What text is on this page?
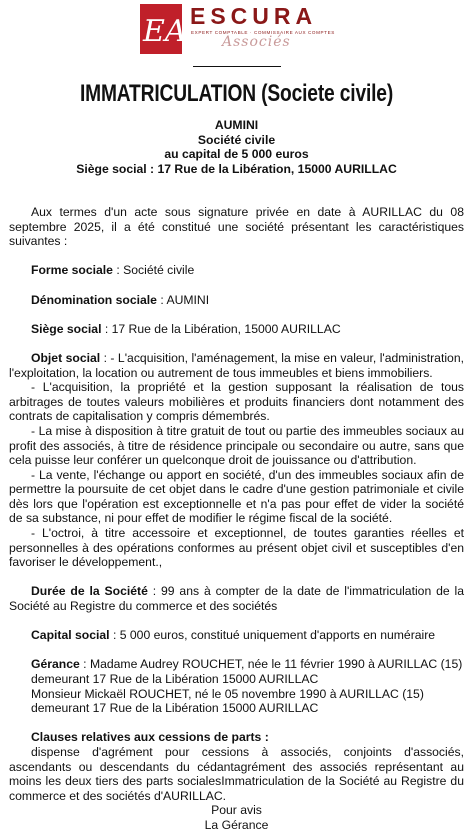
EA ESCURA
EXPERT COMPTABLE · COMMISSAIRE AUX COMPTES
Associés
IMMATRICULATION (Societe civile)
AUMINI
Société civile
au capital de 5 000 euros
Siège social : 17 Rue de la Libération, 15000 AURILLAC

Aux termes d'un acte sous signature privée en date à AURILLAC du 08 septembre 2025, il a été constitué une société présentant les caractéristiques suivantes :

Forme sociale : Société civile

Dénomination sociale : AUMINI

Siège social : 17 Rue de la Libération, 15000 AURILLAC

Objet social : - L'acquisition, l'aménagement, la mise en valeur, l'administration, l'exploitation, la location ou autrement de tous immeubles et biens immobiliers.

- L'acquisition, la propriété et la gestion supposant la réalisation de tous arbitrages de toutes valeurs mobilières et produits financiers dont notamment des contrats de capitalisation y compris démembrés.

- La mise à disposition à titre gratuit de tout ou partie des immeubles sociaux au profit des associés, à titre de résidence principale ou secondaire ou autre, sans que cela puisse leur conférer un quelconque droit de jouissance ou d'attribution.

- La vente, l'échange ou apport en société, d'un des immeubles sociaux afin de permettre la poursuite de cet objet dans le cadre d'une gestion patrimoniale et civile dès lors que l'opération est exceptionnelle et n'a pas pour effet de vider la société de sa substance, ni pour effet de modifier le régime fiscal de la société.

- L'octroi, à titre accessoire et exceptionnel, de toutes garanties réelles et personnelles à des opérations conformes au présent objet civil et susceptibles d'en favoriser le développement.,

Durée de la Société : 99 ans à compter de la date de l'immatriculation de la Société au Registre du commerce et des sociétés

Capital social : 5 000 euros, constitué uniquement d'apports en numéraire

Gérance : Madame Audrey ROUCHET, née le 11 février 1990 à AURILLAC (15)

demeurant 17 Rue de la Libération 15000 AURILLAC

Monsieur Mickaël ROUCHET, né le 05 novembre 1990 à AURILLAC (15)

demeurant 17 Rue de la Libération 15000 AURILLAC

Clauses relatives aux cessions de parts :

dispense d'agrément pour cessions à associés, conjoints d'associés, ascendants ou descendants du cédantagrément des associés représentant au moins les deux tiers des parts socialesImmatriculation de la Société au Registre du commerce et des sociétés d'AURILLAC.

Pour avis
La Gérance
